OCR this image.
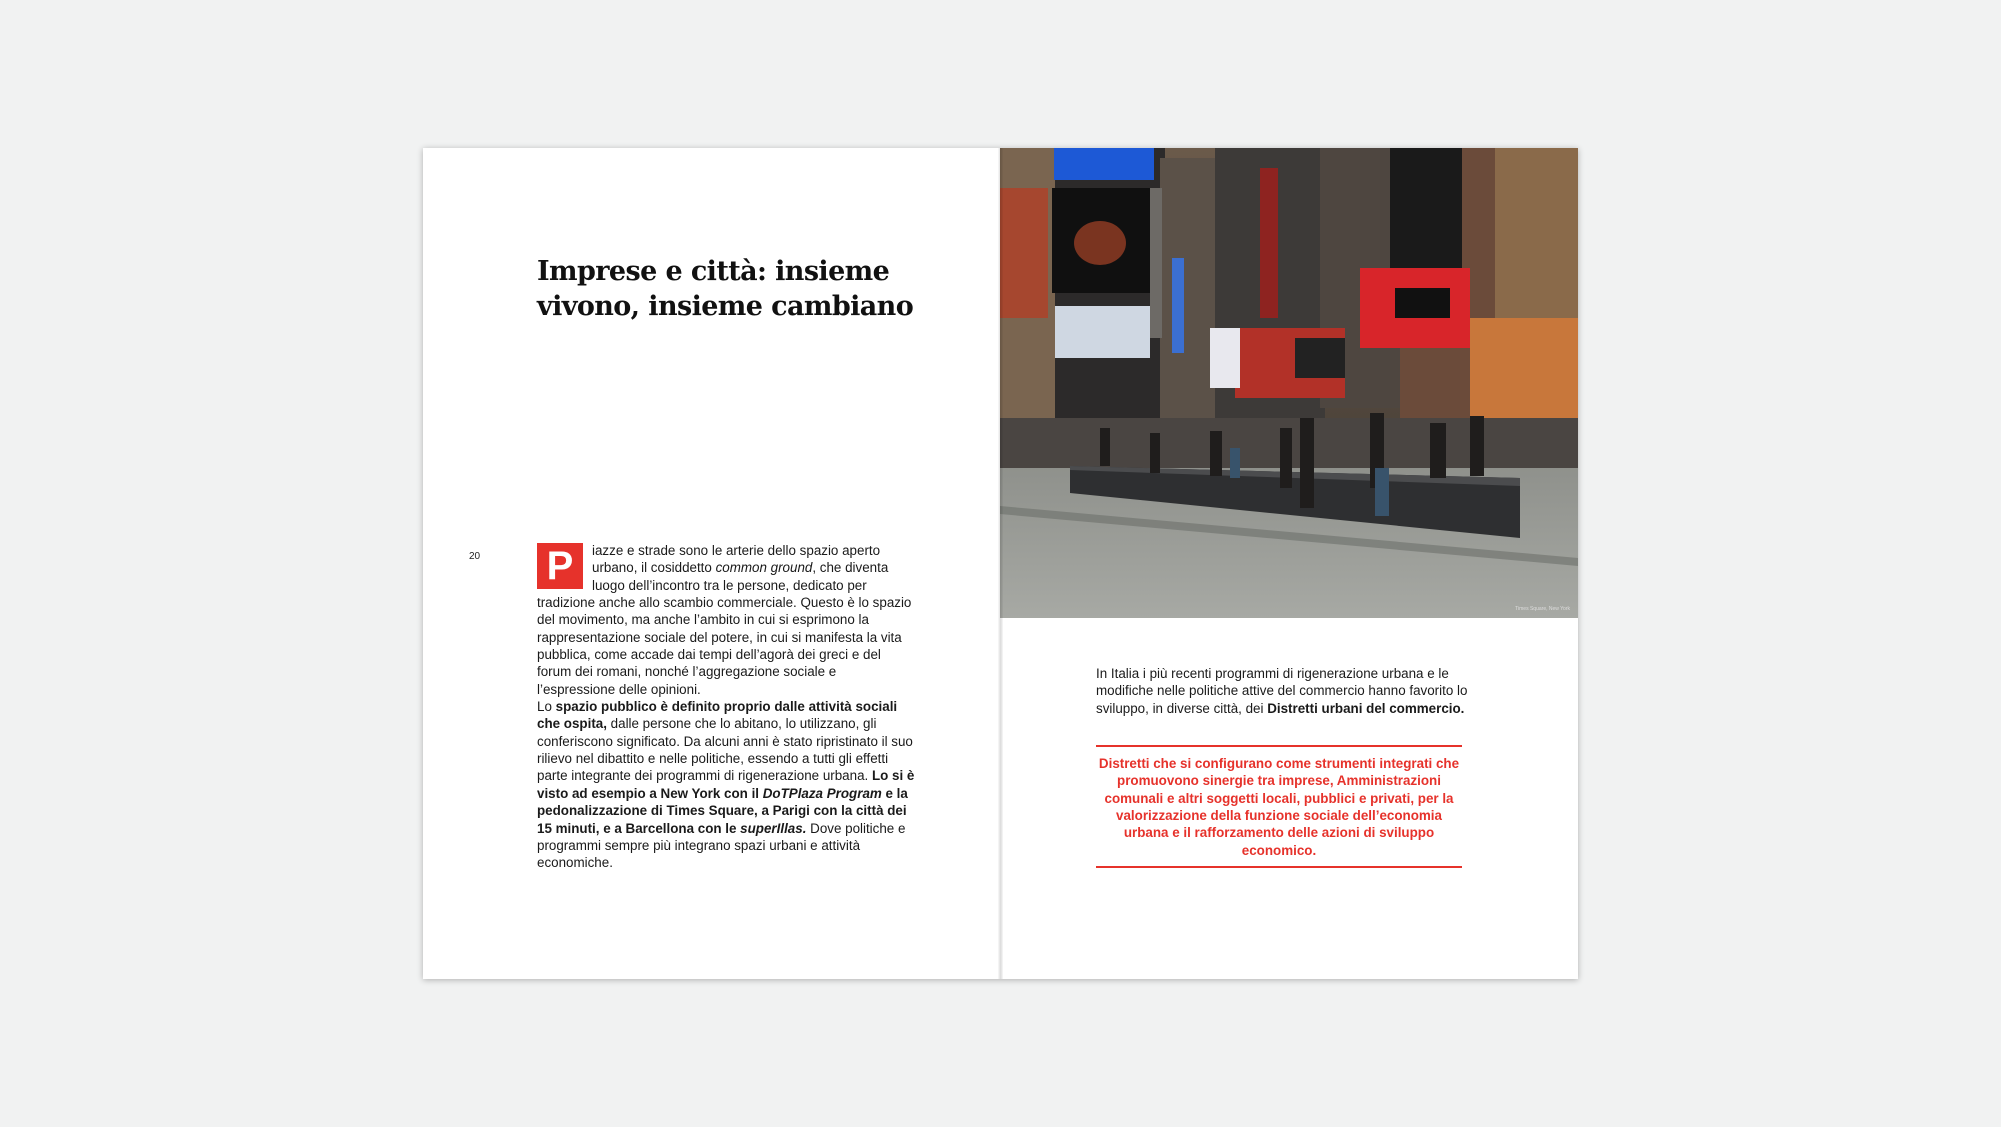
Imprese e città: insieme
vivono, insieme cambiano
20 P	iazze e strade sono le arterie dello spazio aperto urbano, il cosiddetto common ground, che diventa luogo dell’incontro tra le persone, dedicato per tradizione anche allo scambio commerciale. Questo è lo spazio del movimento, ma anche l’ambito in cui si esprimono la rappresentazione sociale del potere, in cui si manifesta la vita pubblica, come accade dai tempi dell’agorà dei greci e del forum dei romani, nonché l’aggregazione sociale e l’espressione delle opinioni.

Lo spazio pubblico è definito proprio dalle attività sociali che ospita, dalle persone che lo abitano, lo utilizzano, gli conferiscono significato. Da alcuni anni è stato ripristinato il suo rilievo nel dibattito e nelle politiche, essendo a tutti gli effetti parte integrante dei programmi di rigenerazione urbana. Lo si è visto ad esempio a New York con il DoTPlaza Program e la pedonalizzazione di Times Square, a Parigi con la città dei 15 minuti, e a Barcellona con le superIllas. Dove politiche e programmi sempre più integrano spazi urbani e attività economiche.

Times Square, New York

In Italia i più recenti programmi di rigenerazione urbana e le modifiche nelle politiche attive del commercio hanno favorito lo sviluppo, in diverse città, dei Distretti urbani del commercio.

Distretti che si configurano come strumenti integrati che promuovono sinergie tra imprese, Amministrazioni comunali e altri soggetti locali, pubblici e privati, per la valorizzazione della funzione sociale dell’economia urbana e il rafforzamento delle azioni di sviluppo economico.
